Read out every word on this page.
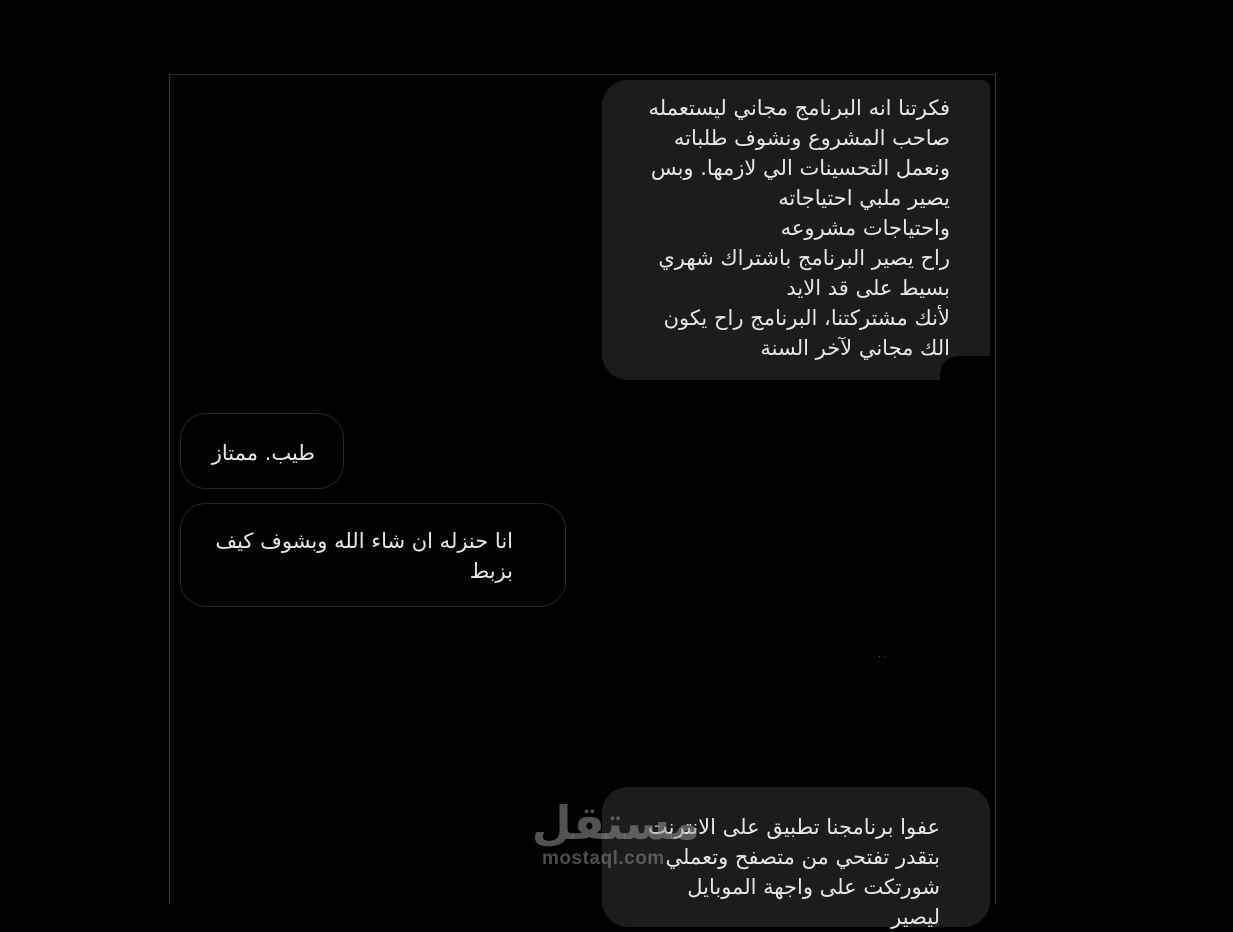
فكرتنا انه البرنامج مجاني ليستعمله
صاحب المشروع ونشوف طلباته
ونعمل التحسينات الي لازمها. وبس
يصير ملبي احتياجاته
واحتياجات مشروعه
راح يصير البرنامج باشتراك شهري
بسيط على قد الايد
لأنك مشتركتنا، البرنامج راح يكون
الك مجاني لآخر السنة
طيب. ممتاز
انا حنزله ان شاء الله وبشوف كيف
بزبط
··
عفوا برنامجنا تطبيق على الانترنت
بتقدر تفتحي من متصفح وتعملي
شورتكت على واجهة الموبايل ليصير
مستقل
mostaql.com
